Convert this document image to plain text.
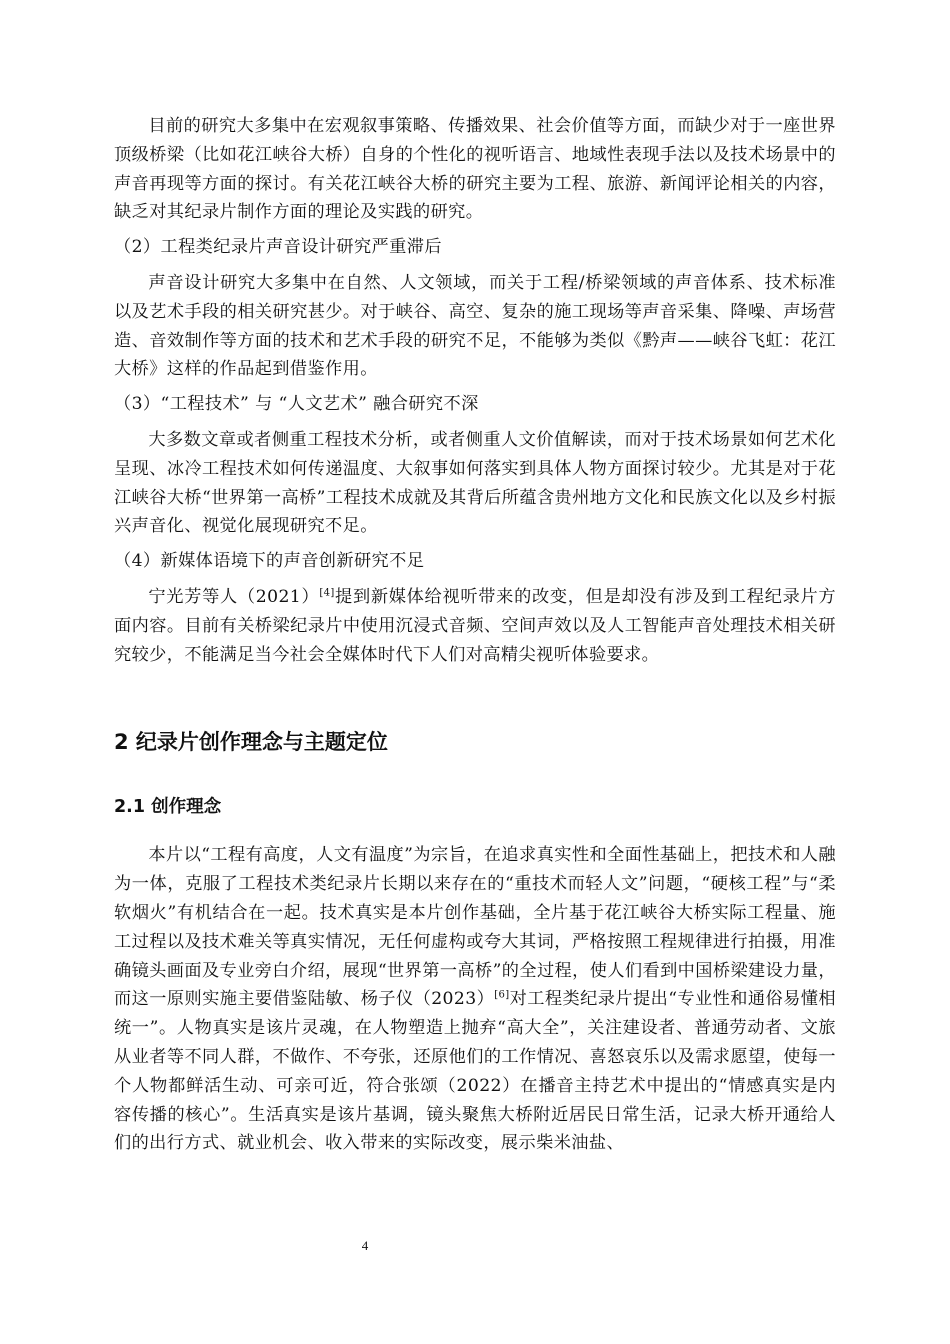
目前的研究大多集中在宏观叙事策略、传播效果、社会价值等方面，而缺少对于一座世界顶级桥梁（比如花江峡谷大桥）自身的个性化的视听语言、地域性表现手法以及技术场景中的声音再现等方面的探讨。有关花江峡谷大桥的研究主要为工程、旅游、新闻评论相关的内容，缺乏对其纪录片制作方面的理论及实践的研究。

（2）工程类纪录片声音设计研究严重滞后

声音设计研究大多集中在自然、人文领域，而关于工程/桥梁领域的声音体系、技术标准以及艺术手段的相关研究甚少。对于峡谷、高空、复杂的施工现场等声音采集、降噪、声场营造、音效制作等方面的技术和艺术手段的研究不足，不能够为类似《黔声——峡谷飞虹：花江大桥》这样的作品起到借鉴作用。

（3）“工程技术” 与 “人文艺术” 融合研究不深

大多数文章或者侧重工程技术分析，或者侧重人文价值解读，而对于技术场景如何艺术化呈现、冰冷工程技术如何传递温度、大叙事如何落实到具体人物方面探讨较少。尤其是对于花江峡谷大桥“世界第一高桥”工程技术成就及其背后所蕴含贵州地方文化和民族文化以及乡村振兴声音化、视觉化展现研究不足。

（4）新媒体语境下的声音创新研究不足

宁光芳等人（2021）[4]提到新媒体给视听带来的改变，但是却没有涉及到工程纪录片方面内容。目前有关桥梁纪录片中使用沉浸式音频、空间声效以及人工智能声音处理技术相关研究较少，不能满足当今社会全媒体时代下人们对高精尖视听体验要求。

2 纪录片创作理念与主题定位
2.1 创作理念

本片以“工程有高度，人文有温度”为宗旨，在追求真实性和全面性基础上，把技术和人融为一体，克服了工程技术类纪录片长期以来存在的“重技术而轻人文”问题，“硬核工程”与“柔软烟火”有机结合在一起。技术真实是本片创作基础，全片基于花江峡谷大桥实际工程量、施工过程以及技术难关等真实情况，无任何虚构或夸大其词，严格按照工程规律进行拍摄，用准确镜头画面及专业旁白介绍，展现“世界第一高桥”的全过程，使人们看到中国桥梁建设力量，而这一原则实施主要借鉴陆敏、杨子仪（2023）[6]对工程类纪录片提出“专业性和通俗易懂相统一”。人物真实是该片灵魂，在人物塑造上抛弃“高大全”，关注建设者、普通劳动者、文旅从业者等不同人群，不做作、不夸张，还原他们的工作情况、喜怒哀乐以及需求愿望，使每一个人物都鲜活生动、可亲可近，符合张颂（2022）在播音主持艺术中提出的“情感真实是内容传播的核心”。生活真实是该片基调，镜头聚焦大桥附近居民日常生活，记录大桥开通给人们的出行方式、就业机会、收入带来的实际改变，展示柴米油盐、

4
